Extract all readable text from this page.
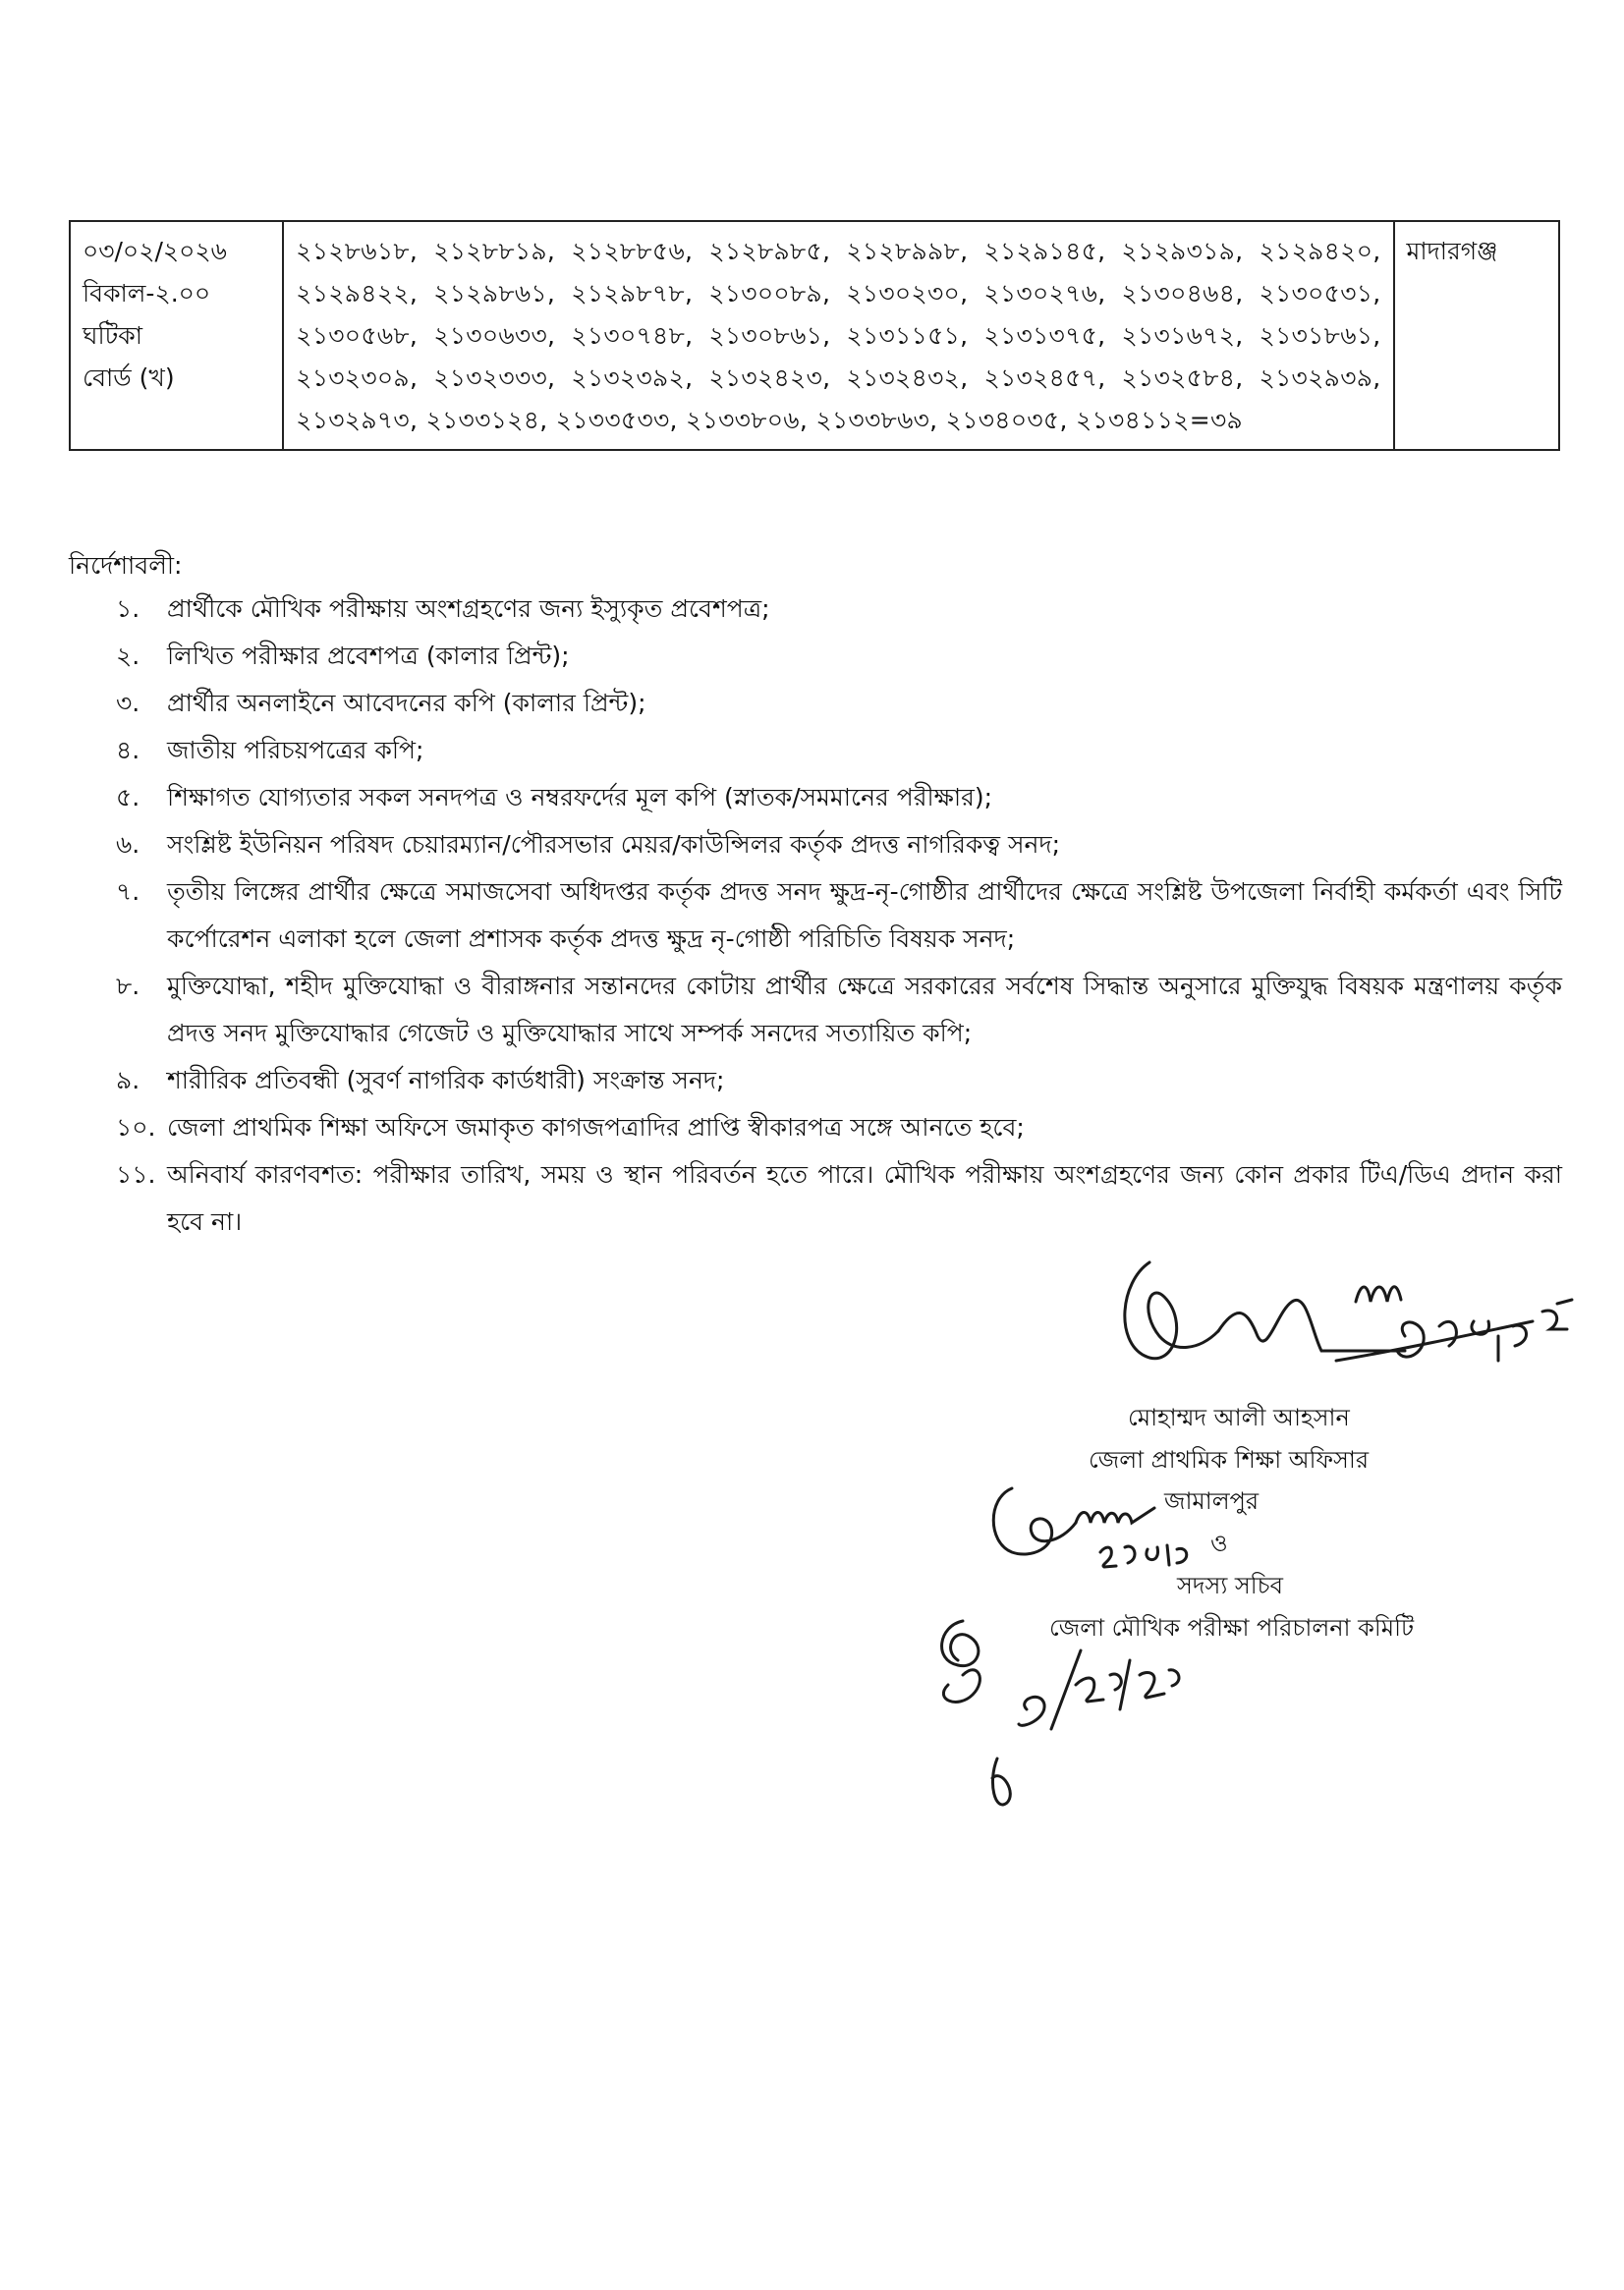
০৩/০২/২০২৬
বিকাল-২.০০
ঘটিকা
বোর্ড (খ)
	২১২৮৬১৮, ২১২৮৮১৯, ২১২৮৮৫৬, ২১২৮৯৮৫, ২১২৮৯৯৮, ২১২৯১৪৫, ২১২৯৩১৯, ২১২৯৪২০, ২১২৯৪২২, ২১২৯৮৬১, ২১২৯৮৭৮, ২১৩০০৮৯, ২১৩০২৩০, ২১৩০২৭৬, ২১৩০৪৬৪, ২১৩০৫৩১, ২১৩০৫৬৮, ২১৩০৬৩৩, ২১৩০৭৪৮, ২১৩০৮৬১, ২১৩১১৫১, ২১৩১৩৭৫, ২১৩১৬৭২, ২১৩১৮৬১, ২১৩২৩০৯, ২১৩২৩৩৩, ২১৩২৩৯২, ২১৩২৪২৩, ২১৩২৪৩২, ২১৩২৪৫৭, ২১৩২৫৮৪, ২১৩২৯৩৯, ২১৩২৯৭৩, ২১৩৩১২৪, ২১৩৩৫৩৩, ২১৩৩৮০৬, ২১৩৩৮৬৩, ২১৩৪০৩৫, ২১৩৪১১২=৩৯	মাদারগঞ্জ
নির্দেশাবলী:
১. প্রার্থীকে মৌখিক পরীক্ষায় অংশগ্রহণের জন্য ইস্যুকৃত প্রবেশপত্র;
২. লিখিত পরীক্ষার প্রবেশপত্র (কালার প্রিন্ট);
৩. প্রার্থীর অনলাইনে আবেদনের কপি (কালার প্রিন্ট);
৪. জাতীয় পরিচয়পত্রের কপি;
৫. শিক্ষাগত যোগ্যতার সকল সনদপত্র ও নম্বরফর্দের মূল কপি (স্নাতক/সমমানের পরীক্ষার);
৬. সংশ্লিষ্ট ইউনিয়ন পরিষদ চেয়ারম্যান/পৌরসভার মেয়র/কাউন্সিলর কর্তৃক প্রদত্ত নাগরিকত্ব সনদ;
৭. তৃতীয় লিঙ্গের প্রার্থীর ক্ষেত্রে সমাজসেবা অধিদপ্তর কর্তৃক প্রদত্ত সনদ ক্ষুদ্র-নৃ-গোষ্ঠীর প্রার্থীদের ক্ষেত্রে সংশ্লিষ্ট উপজেলা নির্বাহী কর্মকর্তা এবং সিটি কর্পোরেশন এলাকা হলে জেলা প্রশাসক কর্তৃক প্রদত্ত ক্ষুদ্র নৃ-গোষ্ঠী পরিচিতি বিষয়ক সনদ;
৮. মুক্তিযোদ্ধা, শহীদ মুক্তিযোদ্ধা ও বীরাঙ্গনার সন্তানদের কোটায় প্রার্থীর ক্ষেত্রে সরকারের সর্বশেষ সিদ্ধান্ত অনুসারে মুক্তিযুদ্ধ বিষয়ক মন্ত্রণালয় কর্তৃক প্রদত্ত সনদ মুক্তিযোদ্ধার গেজেট ও মুক্তিযোদ্ধার সাথে সম্পর্ক সনদের সত্যায়িত কপি;
৯. শারীরিক প্রতিবন্ধী (সুবর্ণ নাগরিক কার্ডধারী) সংক্রান্ত সনদ;
১০. জেলা প্রাথমিক শিক্ষা অফিসে জমাকৃত কাগজপত্রাদির প্রাপ্তি স্বীকারপত্র সঙ্গে আনতে হবে;
১১. অনিবার্য কারণবশত: পরীক্ষার তারিখ, সময় ও স্থান পরিবর্তন হতে পারে। মৌখিক পরীক্ষায় অংশগ্রহণের জন্য কোন প্রকার টিএ/ডিএ প্রদান করা হবে না।
মোহাম্মদ আলী আহসান
জেলা প্রাথমিক শিক্ষা অফিসার
জামালপুর
ও
সদস্য সচিব
জেলা মৌখিক পরীক্ষা পরিচালনা কমিটি
